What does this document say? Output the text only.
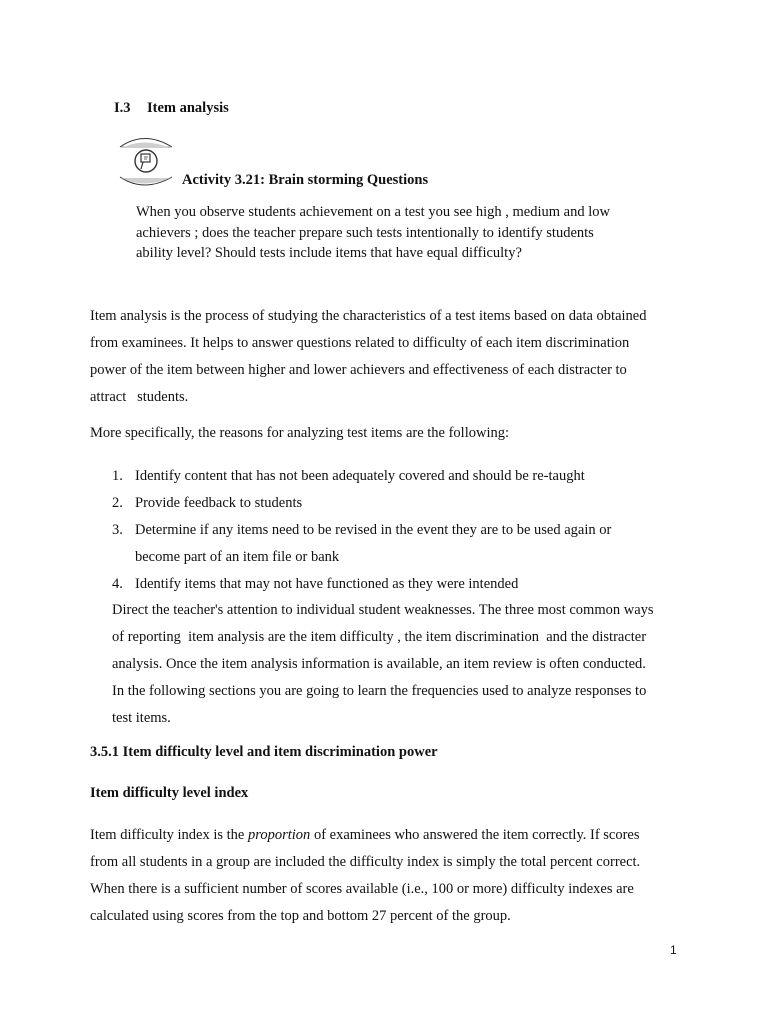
I.3 Item analysis
Activity 3.21: Brain storming Questions
When you observe students achievement on a test you see high , medium and low
achievers ; does the teacher prepare such tests intentionally to identify students
ability level? Should tests include items that have equal difficulty?
Item analysis is the process of studying the characteristics of a test items based on data obtained
from examinees. It helps to answer questions related to difficulty of each item discrimination
power of the item between higher and lower achievers and effectiveness of each distracter to
attract   students.
More specifically, the reasons for analyzing test items are the following:
1. Identify content that has not been adequately covered and should be re-taught
2. Provide feedback to students
3. Determine if any items need to be revised in the event they are to be used again or
become part of an item file or bank
4. Identify items that may not have functioned as they were intended
Direct the teacher's attention to individual student weaknesses. The three most common ways
of reporting  item analysis are the item difficulty , the item discrimination  and the distracter
analysis. Once the item analysis information is available, an item review is often conducted.
In the following sections you are going to learn the frequencies used to analyze responses to
test items.
3.5.1 Item difficulty level and item discrimination power
Item difficulty level index
Item difficulty index is the proportion of examinees who answered the item correctly. If scores
from all students in a group are included the difficulty index is simply the total percent correct.
When there is a sufficient number of scores available (i.e., 100 or more) difficulty indexes are
calculated using scores from the top and bottom 27 percent of the group.
1
